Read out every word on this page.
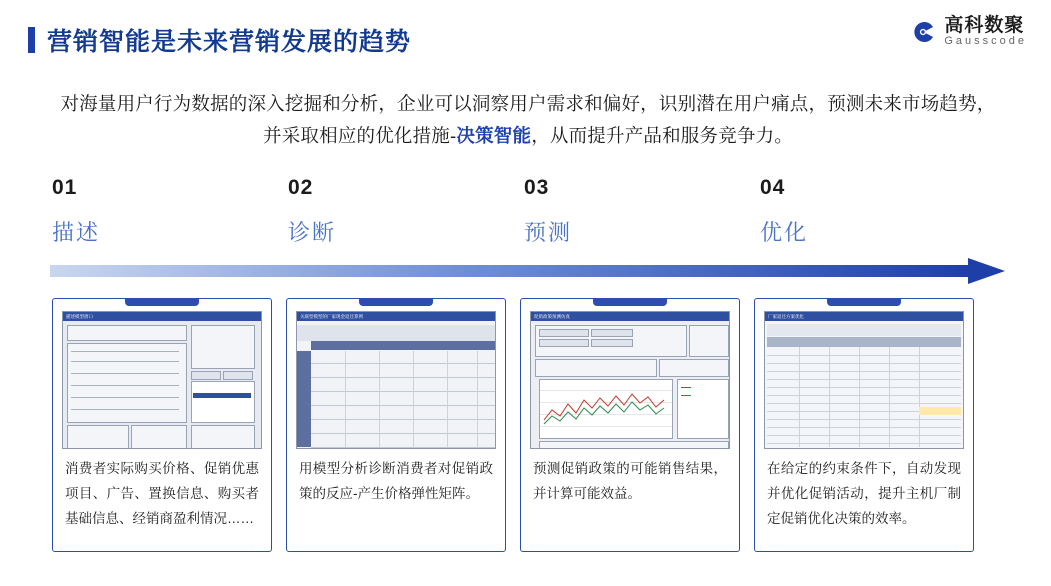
营销智能是未来营销发展的趋势
高科数聚
Gausscode
对海量用户行为数据的深入挖掘和分析，企业可以洞察用户需求和偏好，识别潜在用户痛点，预测未来市场趋势，并采取相应的优化措施-决策智能，从而提升产品和服务竞争力。
01
描述
02
诊断
03
预测
04
优化
描述模型窗口
消费者实际购买价格、促销优惠项目、广告、置换信息、购买者基础信息、经销商盈利情况……
关联型模型的厂家现金返还算例
用模型分析诊断消费者对促销政策的反应-产生价格弹性矩阵。
促销政策预测仿真
预测促销政策的可能销售结果，并计算可能效益。
厂家返还方案优化
在给定的约束条件下，自动发现并优化促销活动，提升主机厂制定促销优化决策的效率。
